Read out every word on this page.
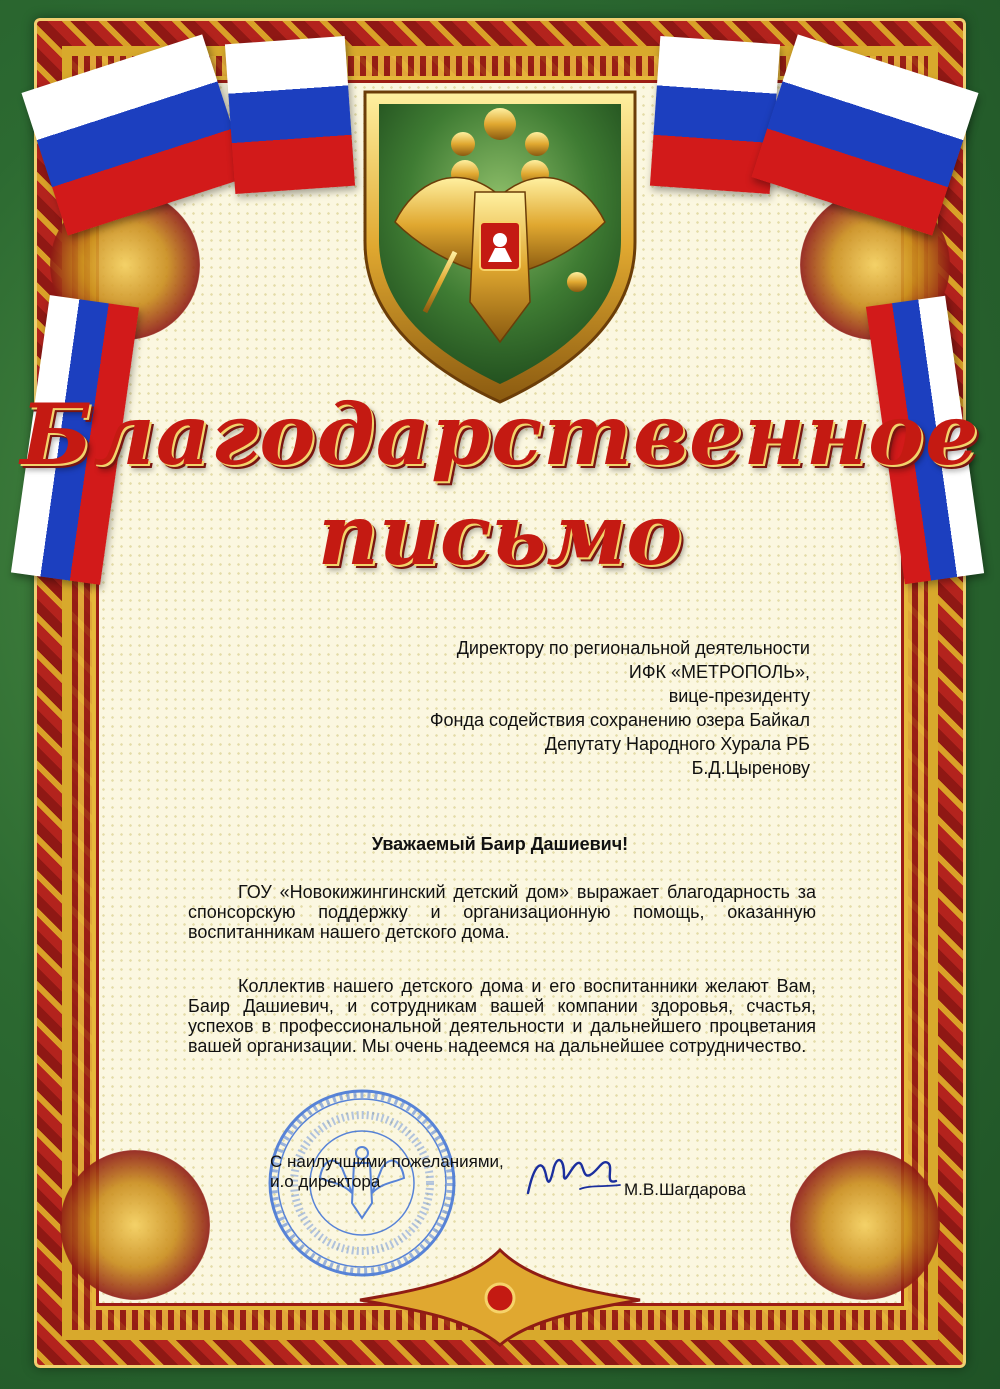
Благодарственное
письмо
Директору по региональной деятельности
ИФК «МЕТРОПОЛЬ»,
вице-президенту
Фонда содействия сохранению озера Байкал
Депутату Народного Хурала РБ
Б.Д.Цыренову
Уважаемый Баир Дашиевич!
ГОУ «Новокижингинский детский дом» выражает благодарность за спонсорскую поддержку и организационную помощь, оказанную воспитанникам нашего детского дома.
Коллектив нашего детского дома и его воспитанники желают Вам, Баир Дашиевич, и сотрудникам вашей компании здоровья, счастья, успехов в профессиональной деятельности и дальнейшего процветания вашей организации. Мы очень надеемся на дальнейшее сотрудничество.
С наилучшими пожеланиями,
и.о директора	М.В.Шагдарова
